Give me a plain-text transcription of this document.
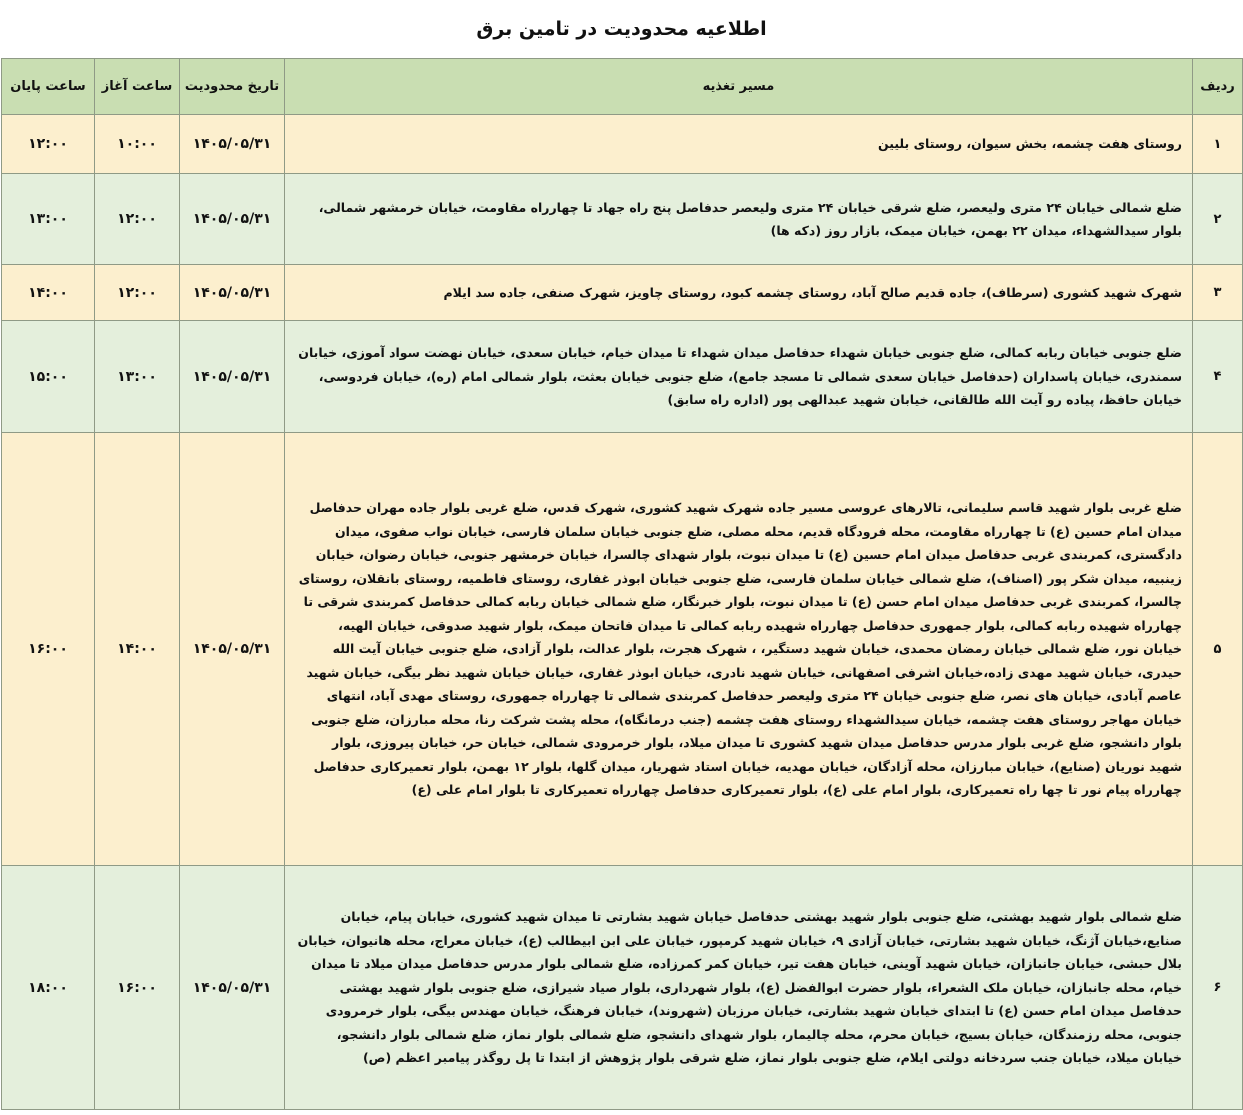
اطلاعیه محدودیت در تامین برق
ردیف	مسیر تغذیه	تاریخ محدودیت	ساعت آغاز	ساعت پایان
۱	روستای هفت چشمه، بخش سیوان، روستای بلیین	۱۴۰۵/۰۵/۳۱	۱۰:۰۰	۱۲:۰۰
۲	ضلع شمالی خیابان ۲۴ متری ولیعصر، ضلع شرقی خیابان ۲۴ متری ولیعصر حدفاصل پنج راه جهاد تا چهارراه مقاومت، خیابان خرمشهر شمالی، بلوار سیدالشهداء، میدان ۲۲ بهمن، خیابان میمک، بازار روز (دکه ها)	۱۴۰۵/۰۵/۳۱	۱۲:۰۰	۱۳:۰۰
۳	شهرک شهید کشوری (سرطاف)، جاده قدیم صالح آباد، روستای چشمه کبود، روستای چاویز، شهرک صنفی، جاده سد ایلام	۱۴۰۵/۰۵/۳۱	۱۲:۰۰	۱۴:۰۰
۴	ضلع جنوبی خیابان ربابه کمالی، ضلع جنوبی خیابان شهداء حدفاصل میدان شهداء تا میدان خیام، خیابان سعدی، خیابان نهضت سواد آموزی، خیابان سمندری، خیابان پاسداران (حدفاصل خیابان سعدی شمالی تا مسجد جامع)، ضلع جنوبی خیابان بعثت، بلوار شمالی امام (ره)، خیابان فردوسی، خیابان حافظ، پیاده رو آیت الله طالقانی، خیابان شهید عبدالهی پور (اداره راه سابق)	۱۴۰۵/۰۵/۳۱	۱۳:۰۰	۱۵:۰۰
۵	ضلع غربی بلوار شهید قاسم سلیمانی، تالارهای عروسی مسیر جاده شهرک شهید کشوری، شهرک قدس، ضلع غربی بلوار جاده مهران حدفاصل میدان امام حسین (ع) تا چهارراه مقاومت، محله فرودگاه قدیم، محله مصلی، ضلع جنوبی خیابان سلمان فارسی، خیابان نواب صفوی، میدان دادگستری، کمربندی غربی حدفاصل میدان امام حسین (ع) تا میدان نبوت، بلوار شهدای چالسرا، خیابان خرمشهر جنوبی، خیابان رضوان، خیابان زینبیه، میدان شکر پور (اصناف)، ضلع شمالی خیابان سلمان فارسی، ضلع جنوبی خیابان ابوذر غفاری، روستای فاطمیه، روستای بانقلان، روستای چالسرا، کمربندی غربی حدفاصل میدان امام حسن (ع) تا میدان نبوت، بلوار خبرنگار، ضلع شمالی خیابان ربابه کمالی حدفاصل کمربندی شرقی تا چهارراه شهیده ربابه کمالی، بلوار جمهوری حدفاصل چهارراه شهیده ربابه کمالی تا میدان فاتحان میمک، بلوار شهید صدوقی، خیابان الهیه، خیابان نور، ضلع شمالی خیابان رمضان محمدی، خیابان شهید دستگیر، ، شهرک هجرت، بلوار عدالت، بلوار آزادی، ضلع جنوبی خیابان آیت الله حیدری، خیابان شهید مهدی زاده،خیابان اشرفی اصفهانی، خیابان شهید نادری، خیابان ابوذر غفاری، خیابان خیابان شهید نظر بیگی، خیابان شهید عاصم آبادی، خیابان های نصر، ضلع جنوبی خیابان ۲۴ متری ولیعصر حدفاصل کمربندی شمالی تا چهارراه جمهوری، روستای مهدی آباد، انتهای خیابان مهاجر روستای هفت چشمه، خیابان سیدالشهداء روستای هفت چشمه (جنب درمانگاه)، محله پشت شرکت رنا، محله مبارزان، ضلع جنوبی بلوار دانشجو، ضلع غربی بلوار مدرس حدفاصل میدان شهید کشوری تا میدان میلاد، بلوار خرمرودی شمالی، خیابان حر، خیابان پیروزی، بلوار شهید نوریان (صنایع)، خیابان مبارزان، محله آزادگان، خیابان مهدیه، خیابان استاد شهریار، میدان گلها، بلوار ۱۲ بهمن، بلوار تعمیرکاری حدفاصل چهارراه پیام نور تا چها راه تعمیرکاری، بلوار امام علی (ع)، بلوار تعمیرکاری حدفاصل چهارراه تعمیرکاری تا بلوار امام علی (ع)	۱۴۰۵/۰۵/۳۱	۱۴:۰۰	۱۶:۰۰
۶	ضلع شمالی بلوار شهید بهشتی، ضلع جنوبی بلوار شهید بهشتی حدفاصل خیابان شهید بشارتی تا میدان شهید کشوری، خیابان پیام، خیابان صنایع،خیابان آژنگ، خیابان شهید بشارتی، خیابان آزادی ۹، خیابان شهید کرمپور، خیابان علی ابن ابیطالب (ع)، خیابان معراج، محله هانیوان، خیابان بلال حبشی، خیابان جانبازان، خیابان شهید آوینی، خیابان هفت تیر، خیابان کمر کمرزاده، ضلع شمالی بلوار مدرس حدفاصل میدان میلاد تا میدان خیام، محله جانبازان، خیابان ملک الشعراء، بلوار حضرت ابوالفضل (ع)، بلوار شهرداری، بلوار صیاد شیرازی، ضلع جنوبی بلوار شهید بهشتی حدفاصل میدان امام حسن (ع) تا ابتدای خیابان شهید بشارتی، خیابان مرزبان (شهروند)، خیابان فرهنگ، خیابان مهندس بیگی، بلوار خرمرودی جنوبی، محله رزمندگان، خیابان بسیج، خیابان محرم، محله چالیمار، بلوار شهدای دانشجو، ضلع شمالی بلوار نماز، ضلع شمالی بلوار دانشجو، خیابان میلاد، خیابان جنب سردخانه دولتی ایلام، ضلع جنوبی بلوار نماز، ضلع شرقی بلوار پژوهش از ابتدا تا پل روگذر پیامبر اعظم (ص)	۱۴۰۵/۰۵/۳۱	۱۶:۰۰	۱۸:۰۰
